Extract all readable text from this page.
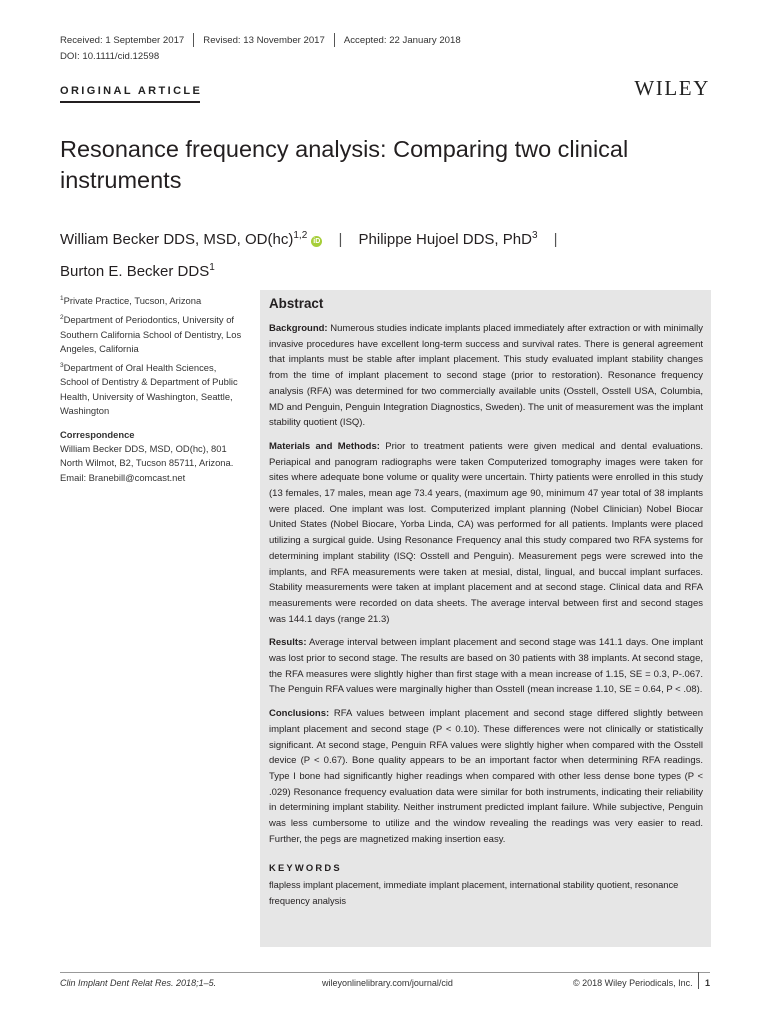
Received: 1 September 2017 Revised: 13 November 2017 Accepted: 22 January 2018
DOI: 10.1111/cid.12598
ORIGINAL ARTICLE	WILEY
Resonance frequency analysis: Comparing two clinical instruments
William Becker DDS, MSD, OD(hc)$^{1,2}$iD | Philippe Hujoel DDS, PhD$^3$ |
Burton E. Becker DDS$^1$

$^1$Private Practice, Tucson, Arizona

$^2$Department of Periodontics, University of Southern California School of Dentistry, Los Angeles, California

$^3$Department of Oral Health Sciences, School of Dentistry & Department of Public Health, University of Washington, Seattle, Washington

Correspondence

William Becker DDS, MSD, OD(hc), 801 North Wilmot, B2, Tucson 85711, Arizona. Email: Branebill@comcast.net

Abstract

Background: Numerous studies indicate implants placed immediately after extraction or with minimally invasive procedures have excellent long-term success and survival rates. There is general agreement that implants must be stable after implant placement. This study evaluated implant stability changes from the time of implant placement to second stage (prior to restoration). Resonance frequency analysis (RFA) was determined for two commercially available units (Osstell, Osstell USA, Columbia, MD and Penguin, Penguin Integration Diagnostics, Sweden). The unit of measurement was the implant stability quotient (ISQ).

Materials and Methods: Prior to treatment patients were given medical and dental evaluations. Periapical and panogram radiographs were taken Computerized tomography images were taken for sites where adequate bone volume or quality were uncertain. Thirty patients were enrolled in this study (13 females, 17 males, mean age 73.4 years, (maximum age 90, minimum 47 year total of 38 implants were placed. One implant was lost. Computerized implant planning (Nobel Clinician) Nobel Biocar United States (Nobel Biocare, Yorba Linda, CA) was performed for all patients. Implants were placed utilizing a surgical guide. Using Resonance Frequency anal this study compared two RFA systems for determining implant stability (ISQ: Osstell and Penguin). Measurement pegs were screwed into the implants, and RFA measurements were taken at mesial, distal, lingual, and buccal implant surfaces. Stability measurements were taken at implant placement and at second stage. Clinical data and RFA measurements were recorded on data sheets. The average interval between first and second stages was 144.1 days (range 21.3)

Results: Average interval between implant placement and second stage was 141.1 days. One implant was lost prior to second stage. The results are based on 30 patients with 38 implants. At second stage, the RFA measures were slightly higher than first stage with a mean increase of 1.15, SE = 0.3, P-.067. The Penguin RFA values were marginally higher than Osstell (mean increase 1.10, SE = 0.64, P < .08).

Conclusions: RFA values between implant placement and second stage differed slightly between implant placement and second stage (P < 0.10). These differences were not clinically or statistically significant. At second stage, Penguin RFA values were slightly higher when compared with the Osstell device (P < 0.67). Bone quality appears to be an important factor when determining RFA readings. Type I bone had significantly higher readings when compared with other less dense bone types (P < .029) Resonance frequency evaluation data were similar for both instruments, indicating their reliability in determining implant stability. Neither instrument predicted implant failure. While subjective, Penguin was less cumbersome to utilize and the window revealing the readings was very easier to read. Further, the pegs are magnetized making insertion easy.

KEYWORDS
flapless implant placement, immediate implant placement, international stability quotient, resonance frequency analysis
Clin Implant Dent Relat Res. 2018;1–5.	wileyonlinelibrary.com/journal/cid	© 2018 Wiley Periodicals, Inc. 1
